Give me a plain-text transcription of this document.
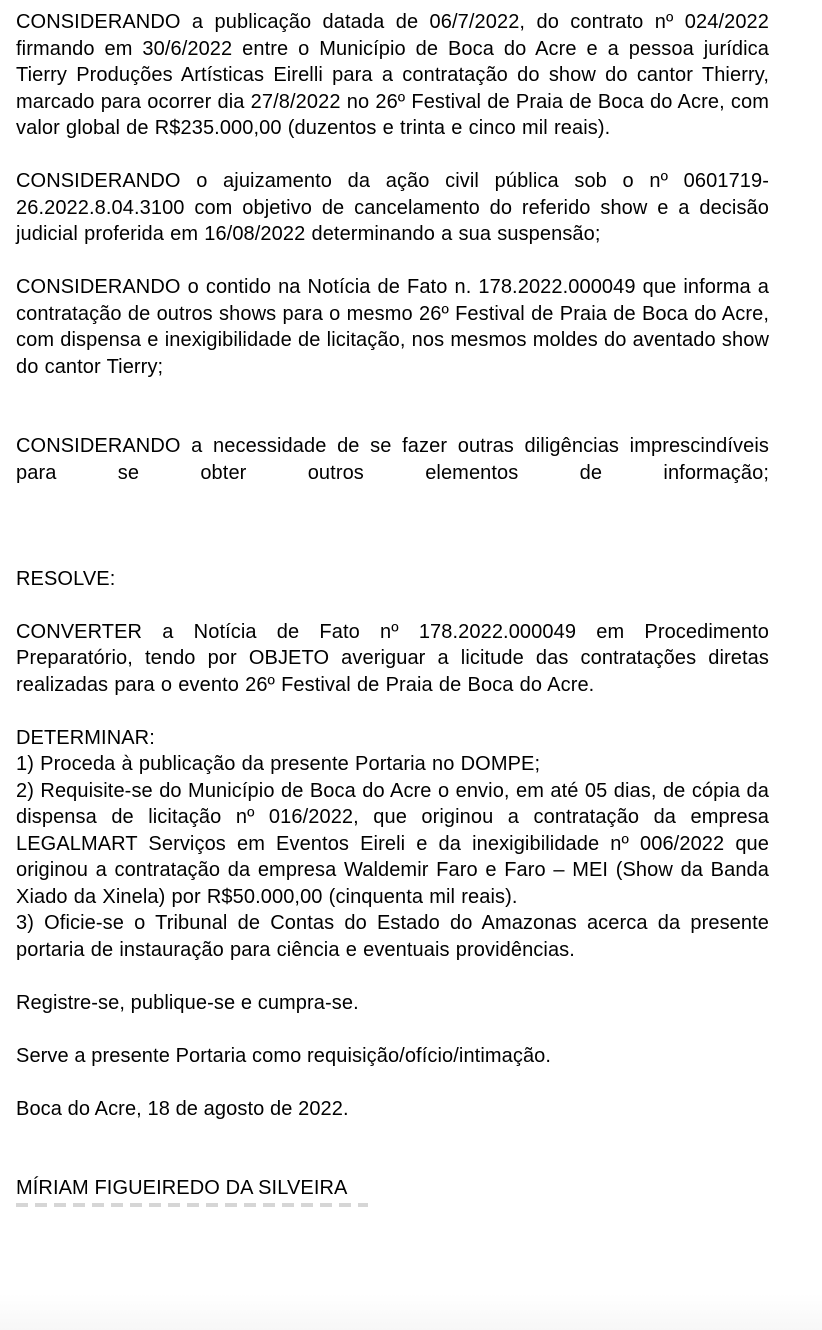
CONSIDERANDO a publicação datada de 06/7/2022, do contrato nº 024/2022 firmando em 30/6/2022 entre o Município de Boca do Acre e a pessoa jurídica Tierry Produções Artísticas Eirelli para a contratação do show do cantor Thierry, marcado para ocorrer dia 27/8/2022 no 26º Festival de Praia de Boca do Acre, com valor global de R$235.000,00 (duzentos e trinta e cinco mil reais).

CONSIDERANDO o ajuizamento da ação civil pública sob o nº 0601719-26.2022.8.04.3100 com objetivo de cancelamento do referido show e a decisão judicial proferida em 16/08/2022 determinando a sua suspensão;

CONSIDERANDO o contido na Notícia de Fato n. 178.2022.000049 que informa a contratação de outros shows para o mesmo 26º Festival de Praia de Boca do Acre, com dispensa e inexigibilidade de licitação, nos mesmos moldes do aventado show do cantor Tierry;

CONSIDERANDO a necessidade de se fazer outras diligências imprescindíveis para se obter outros elementos de informação;

RESOLVE:

CONVERTER a Notícia de Fato nº 178.2022.000049 em Procedimento Preparatório, tendo por OBJETO averiguar a licitude das contratações diretas realizadas para o evento 26º Festival de Praia de Boca do Acre.

DETERMINAR:

1) Proceda à publicação da presente Portaria no DOMPE;

2) Requisite-se do Município de Boca do Acre o envio, em até 05 dias, de cópia da dispensa de licitação nº 016/2022, que originou a contratação da empresa LEGALMART Serviços em Eventos Eireli e da inexigibilidade nº 006/2022 que originou a contratação da empresa Waldemir Faro e Faro – MEI (Show da Banda Xiado da Xinela) por R$50.000,00 (cinquenta mil reais).

3) Oficie-se o Tribunal de Contas do Estado do Amazonas acerca da presente portaria de instauração para ciência e eventuais providências.

Registre-se, publique-se e cumpra-se.

Serve a presente Portaria como requisição/ofício/intimação.

Boca do Acre, 18 de agosto de 2022.

MÍRIAM FIGUEIREDO DA SILVEIRA
